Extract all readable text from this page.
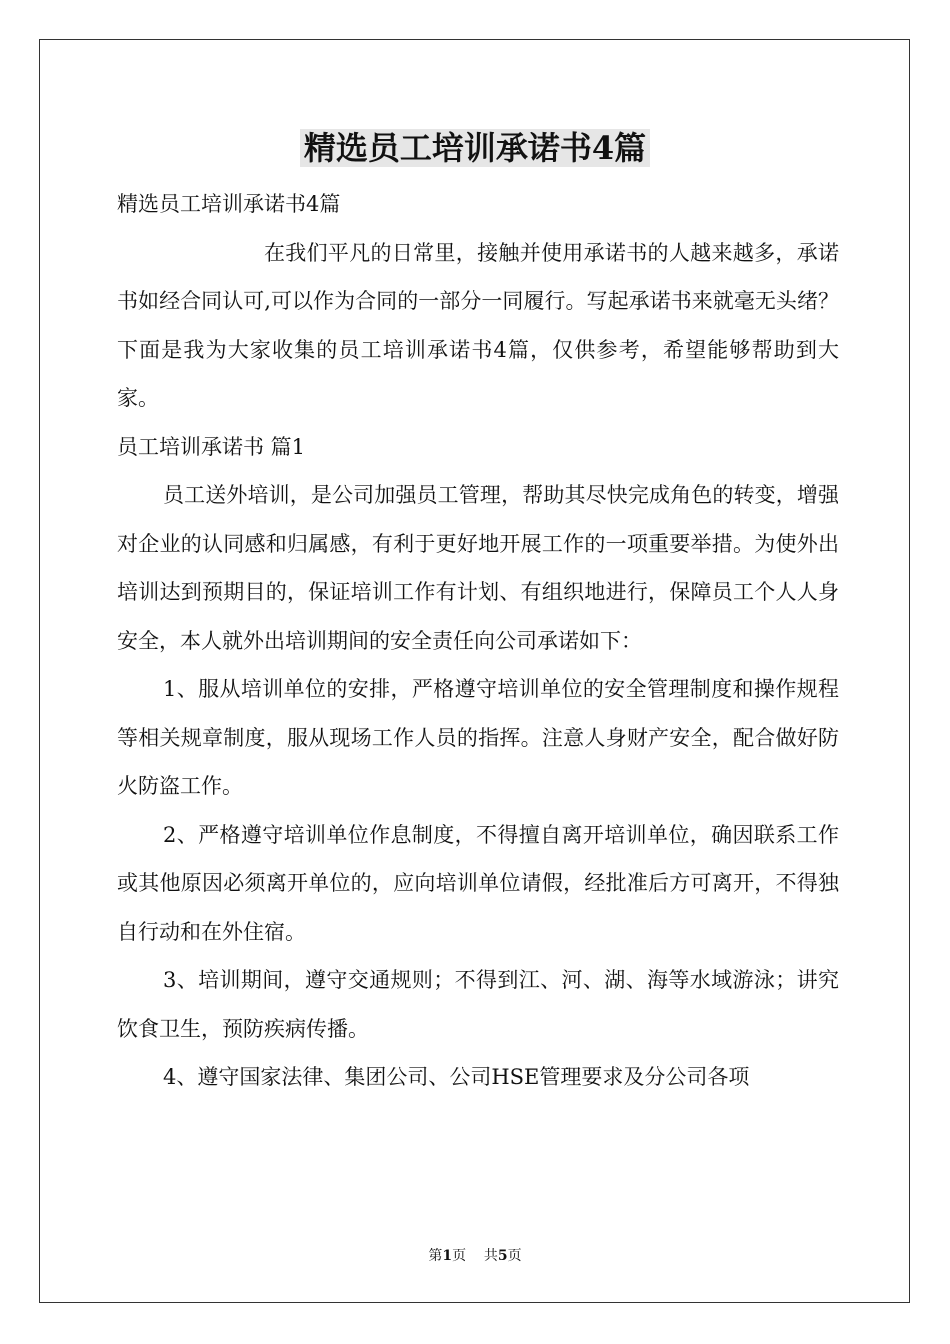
精选员工培训承诺书4篇

精选员工培训承诺书4篇

在我们平凡的日常里，接触并使用承诺书的人越来越多，承诺书如经合同认可,可以作为合同的一部分一同履行。写起承诺书来就毫无头绪？下面是我为大家收集的员工培训承诺书4篇，仅供参考，希望能够帮助到大家。

员工培训承诺书 篇1

员工送外培训，是公司加强员工管理，帮助其尽快完成角色的转变，增强对企业的认同感和归属感，有利于更好地开展工作的一项重要举措。为使外出培训达到预期目的，保证培训工作有计划、有组织地进行，保障员工个人人身安全，本人就外出培训期间的安全责任向公司承诺如下：

1、服从培训单位的安排，严格遵守培训单位的安全管理制度和操作规程等相关规章制度，服从现场工作人员的指挥。注意人身财产安全，配合做好防火防盗工作。

2、严格遵守培训单位作息制度，不得擅自离开培训单位，确因联系工作或其他原因必须离开单位的，应向培训单位请假，经批准后方可离开，不得独自行动和在外住宿。

3、培训期间，遵守交通规则；不得到江、河、湖、海等水域游泳；讲究饮食卫生，预防疾病传播。

4、遵守国家法律、集团公司、公司HSE管理要求及分公司各项

第1页 共5页
